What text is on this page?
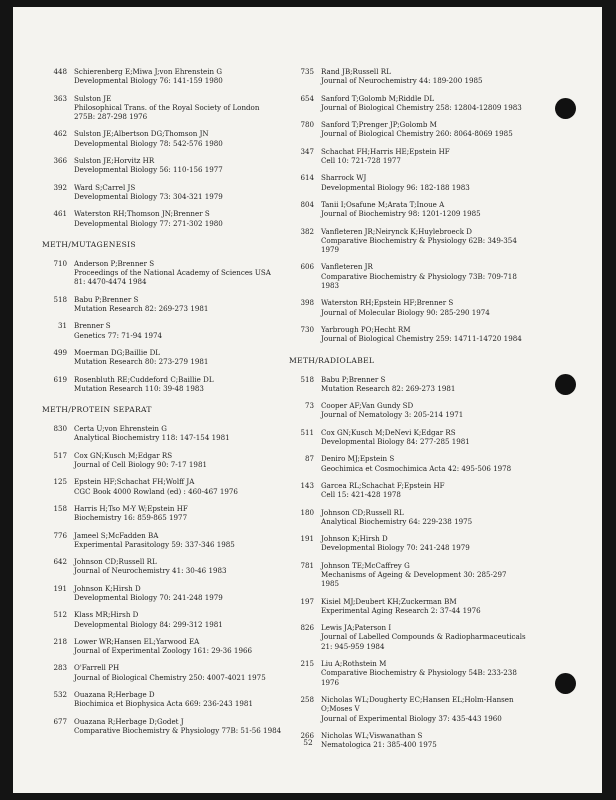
448 Schierenberg E;Miwa J;von Ehrenstein G
Developmental Biology 76: 141-159 1980
363 Sulston JE
Philosophical Trans. of the Royal Society of London
275B: 287-298 1976
462 Sulston JE;Albertson DG;Thomson JN
Developmental Biology 78: 542-576 1980
366 Sulston JE;Horvitz HR
Developmental Biology 56: 110-156 1977
392 Ward S;Carrel JS
Developmental Biology 73: 304-321 1979
461 Waterston RH;Thomson JN;Brenner S
Developmental Biology 77: 271-302 1980
METH/MUTAGENESIS
710 Anderson P;Brenner S
Proceedings of the National Academy of Sciences USA
81: 4470-4474 1984
518 Babu P;Brenner S
Mutation Research 82: 269-273 1981
31 Brenner S
Genetics 77: 71-94 1974
499 Moerman DG;Baillie DL
Mutation Research 80: 273-279 1981
619 Rosenbluth RE;Cuddeford C;Baillie DL
Mutation Research 110: 39-48 1983
METH/PROTEIN SEPARAT
830 Certa U;von Ehrenstein G
Analytical Biochemistry 118: 147-154 1981
517 Cox GN;Kusch M;Edgar RS
Journal of Cell Biology 90: 7-17 1981
125 Epstein HF;Schachat FH;Wolff JA
CGC Book 4000 Rowland (ed) : 460-467 1976
158 Harris H;Tso M-Y W;Epstein HF
Biochemistry 16: 859-865 1977
776 Jameel S;McFadden BA
Experimental Parasitology 59: 337-346 1985
642 Johnson CD;Russell RL
Journal of Neurochemistry 41: 30-46 1983
191 Johnson K;Hirsh D
Developmental Biology 70: 241-248 1979
512 Klass MR;Hirsh D
Developmental Biology 84: 299-312 1981
218 Lower WR;Hansen EL;Yarwood EA
Journal of Experimental Zoology 161: 29-36 1966
283 O'Farrell PH
Journal of Biological Chemistry 250: 4007-4021 1975
532 Ouazana R;Herbage D
Biochimica et Biophysica Acta 669: 236-243 1981
677 Ouazana R;Herbage D;Godet J
Comparative Biochemistry & Physiology 77B: 51-56 1984
735 Rand JB;Russell RL
Journal of Neurochemistry 44: 189-200 1985
654 Sanford T;Golomb M;Riddle DL
Journal of Biological Chemistry 258: 12804-12809 1983
780 Sanford T;Prenger JP;Golomb M
Journal of Biological Chemistry 260: 8064-8069 1985
347 Schachat FH;Harris HE;Epstein HF
Cell 10: 721-728 1977
614 Sharrock WJ
Developmental Biology 96: 182-188 1983
804 Tanii I;Osafune M;Arata T;Inoue A
Journal of Biochemistry 98: 1201-1209 1985
382 Vanfleteren JR;Neirynck K;Huylebroeck D
Comparative Biochemistry & Physiology 62B: 349-354
1979
606 Vanfleteren JR
Comparative Biochemistry & Physiology 73B: 709-718
1983
398 Waterston RH;Epstein HF;Brenner S
Journal of Molecular Biology 90: 285-290 1974
730 Yarbrough PO;Hecht RM
Journal of Biological Chemistry 259: 14711-14720 1984
METH/RADIOLABEL
518 Babu P;Brenner S
Mutation Research 82: 269-273 1981
73 Cooper AF;Van Gundy SD
Journal of Nematology 3: 205-214 1971
511 Cox GN;Kusch M;DeNevi K;Edgar RS
Developmental Biology 84: 277-285 1981
87 Deniro MJ;Epstein S
Geochimica et Cosmochimica Acta 42: 495-506 1978
143 Garcea RL;Schachat F;Epstein HF
Cell 15: 421-428 1978
180 Johnson CD;Russell RL
Analytical Biochemistry 64: 229-238 1975
191 Johnson K;Hirsh D
Developmental Biology 70: 241-248 1979
781 Johnson TE;McCaffrey G
Mechanisms of Ageing & Development 30: 285-297
1985
197 Kisiel MJ;Deubert KH;Zuckerman BM
Experimental Aging Research 2: 37-44 1976
826 Lewis JA;Paterson I
Journal of Labelled Compounds & Radiopharmaceuticals
21: 945-959 1984
215 Liu A;Rothstein M
Comparative Biochemistry & Physiology 54B: 233-238
1976
258 Nicholas WL;Dougherty EC;Hansen EL;Holm-Hansen
O;Moses V
Journal of Experimental Biology 37: 435-443 1960
266 Nicholas WL;Viswanathan S
Nematologica 21: 385-400 1975
52
